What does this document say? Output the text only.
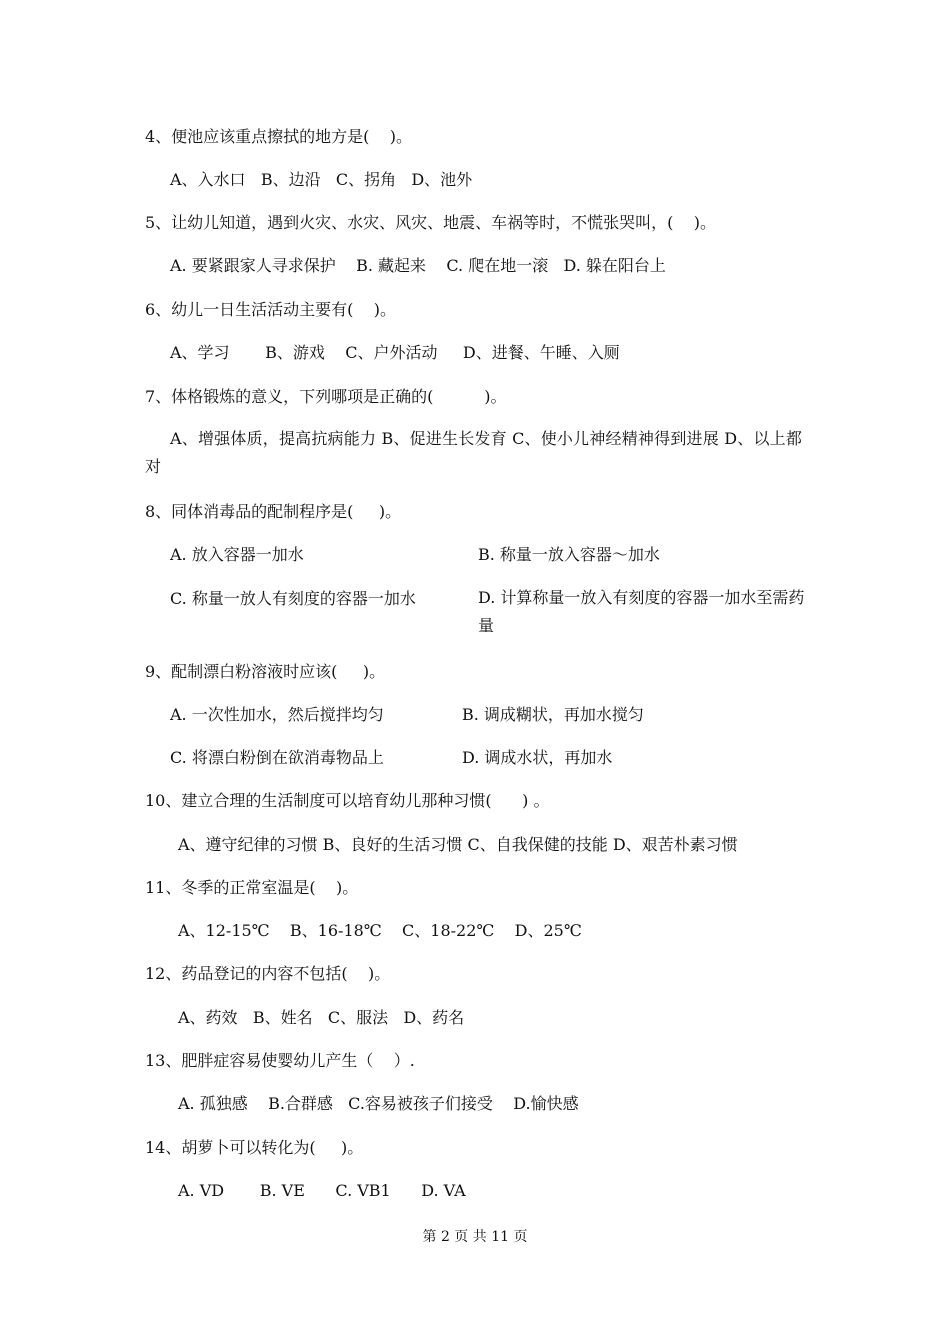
4、便池应该重点擦拭的地方是(    )。
A、入水口   B、边沿   C、拐角   D、池外
5、让幼儿知道，遇到火灾、水灾、风灾、地震、车祸等时，不慌张哭叫，(    )。
A. 要紧跟家人寻求保护    B. 藏起来    C. 爬在地一滚   D. 躲在阳台上
6、幼儿一日生活活动主要有(    )。
A、学习       B、游戏    C、户外活动     D、进餐、午睡、入厕
7、体格锻炼的意义，下列哪项是正确的(          )。
A、增强体质，提高抗病能力 B、促进生长发育 C、使小儿神经精神得到进展 D、以上都对
8、同体消毒品的配制程序是(     )。
A. 放入容器一加水	B. 称量一放入容器～加水
C. 称量一放人有刻度的容器一加水	D. 计算称量一放入有刻度的容器一加水至需药量
9、配制漂白粉溶液时应该(     )。
A. 一次性加水，然后搅拌均匀	B. 调成糊状，再加水搅匀
C. 将漂白粉倒在欲消毒物品上	D. 调成水状，再加水
10、建立合理的生活制度可以培育幼儿那种习惯(      ) 。
A、遵守纪律的习惯 B、良好的生活习惯 C、自我保健的技能 D、艰苦朴素习惯
11、冬季的正常室温是(    )。
A、12-15℃    B、16-18℃    C、18-22℃    D、25℃
12、药品登记的内容不包括(    )。
A、药效   B、姓名   C、服法   D、药名
13、肥胖症容易使婴幼儿产生（    ）.
A. 孤独感    B.合群感   C.容易被孩子们接受    D.愉快感
14、胡萝卜可以转化为(     )。
A. VD       B. VE      C. VB1      D. VA
第 2 页 共 11 页
